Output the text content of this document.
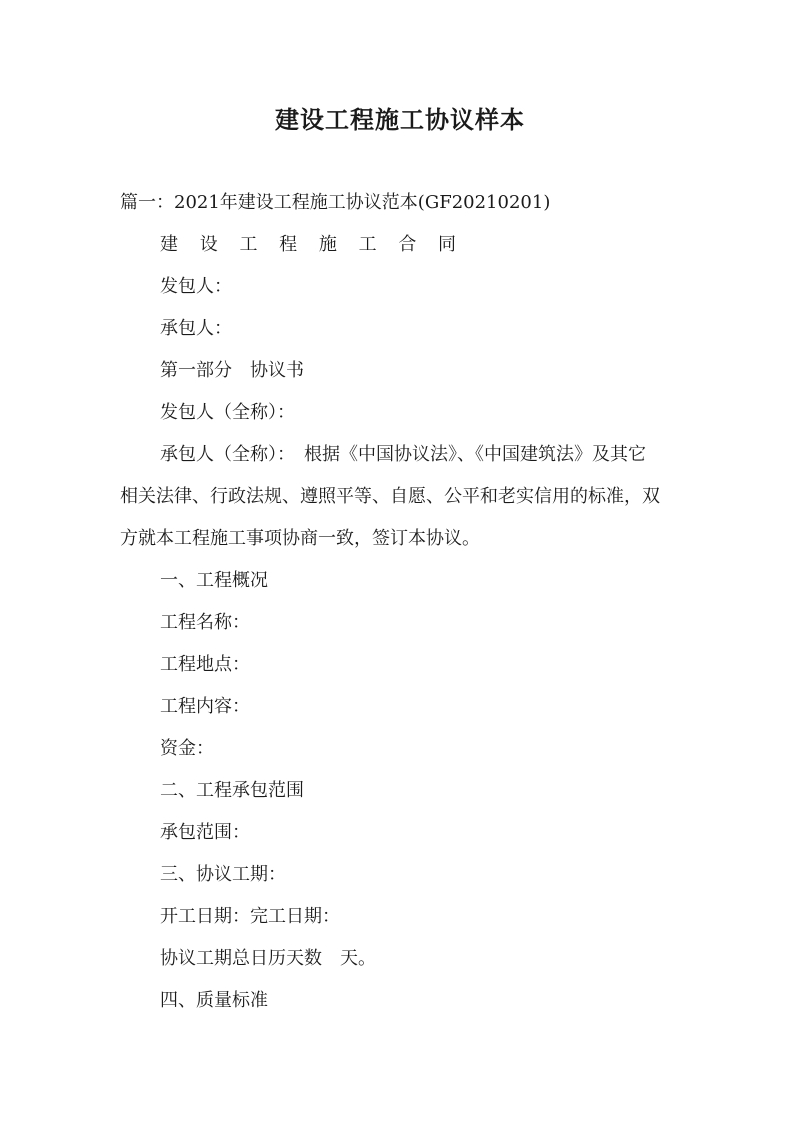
建设工程施工协议样本
篇一：2021年建设工程施工协议范本(GF20210201)
建 设 工 程 施 工 合 同
发包人：
承包人：
第一部分　协议书
发包人（全称）：
承包人（全称）：　根据《中国协议法》、《中国建筑法》及其它
相关法律、行政法规、遵照平等、自愿、公平和老实信用的标准，双
方就本工程施工事项协商一致，签订本协议。
一、工程概况
工程名称：
工程地点：
工程内容：
资金：
二、工程承包范围
承包范围：
三、协议工期：
开工日期：完工日期：
协议工期总日历天数　天。
四、质量标准
